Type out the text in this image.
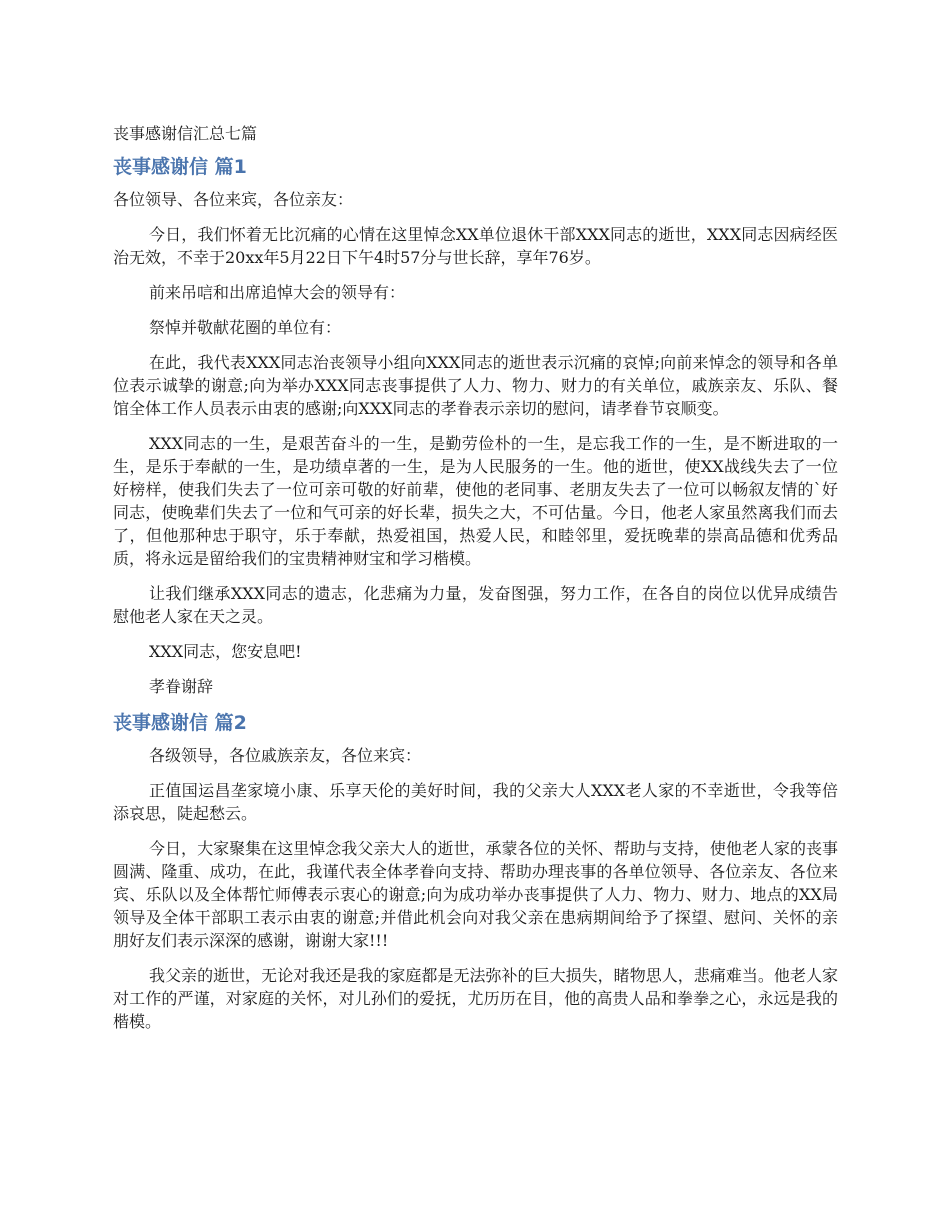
丧事感谢信汇总七篇
丧事感谢信 篇1

各位领导、各位来宾，各位亲友：

今日，我们怀着无比沉痛的心情在这里悼念XX单位退休干部XXX同志的逝世，XXX同志因病经医治无效，不幸于20xx年5月22日下午4时57分与世长辞，享年76岁。

前来吊唁和出席追悼大会的领导有：

祭悼并敬献花圈的单位有：

在此，我代表XXX同志治丧领导小组向XXX同志的逝世表示沉痛的哀悼;向前来悼念的领导和各单位表示诚挚的谢意;向为举办XXX同志丧事提供了人力、物力、财力的有关单位，戚族亲友、乐队、餐馆全体工作人员表示由衷的感谢;向XXX同志的孝眷表示亲切的慰问，请孝眷节哀顺变。

XXX同志的一生，是艰苦奋斗的一生，是勤劳俭朴的一生，是忘我工作的一生，是不断进取的一生，是乐于奉献的一生，是功绩卓著的一生，是为人民服务的一生。他的逝世，使XX战线失去了一位好榜样，使我们失去了一位可亲可敬的好前辈，使他的老同事、老朋友失去了一位可以畅叙友情的`好同志，使晚辈们失去了一位和气可亲的好长辈，损失之大，不可估量。今日，他老人家虽然离我们而去了，但他那种忠于职守，乐于奉献，热爱祖国，热爱人民，和睦邻里，爱抚晚辈的崇高品德和优秀品质，将永远是留给我们的宝贵精神财宝和学习楷模。

让我们继承XXX同志的遗志，化悲痛为力量，发奋图强，努力工作，在各自的岗位以优异成绩告慰他老人家在天之灵。

XXX同志，您安息吧!

孝眷谢辞

丧事感谢信 篇2

各级领导，各位戚族亲友，各位来宾：

正值国运昌垄家境小康、乐享天伦的美好时间，我的父亲大人XXX老人家的不幸逝世，令我等倍添哀思，陡起愁云。

今日，大家聚集在这里悼念我父亲大人的逝世，承蒙各位的关怀、帮助与支持，使他老人家的丧事圆满、隆重、成功，在此，我谨代表全体孝眷向支持、帮助办理丧事的各单位领导、各位亲友、各位来宾、乐队以及全体帮忙师傅表示衷心的谢意;向为成功举办丧事提供了人力、物力、财力、地点的XX局领导及全体干部职工表示由衷的谢意;并借此机会向对我父亲在患病期间给予了探望、慰问、关怀的亲朋好友们表示深深的感谢，谢谢大家!!!

我父亲的逝世，无论对我还是我的家庭都是无法弥补的巨大损失，睹物思人，悲痛难当。他老人家对工作的严谨，对家庭的关怀，对儿孙们的爱抚，尤历历在目，他的高贵人品和拳拳之心，永远是我的楷模。
